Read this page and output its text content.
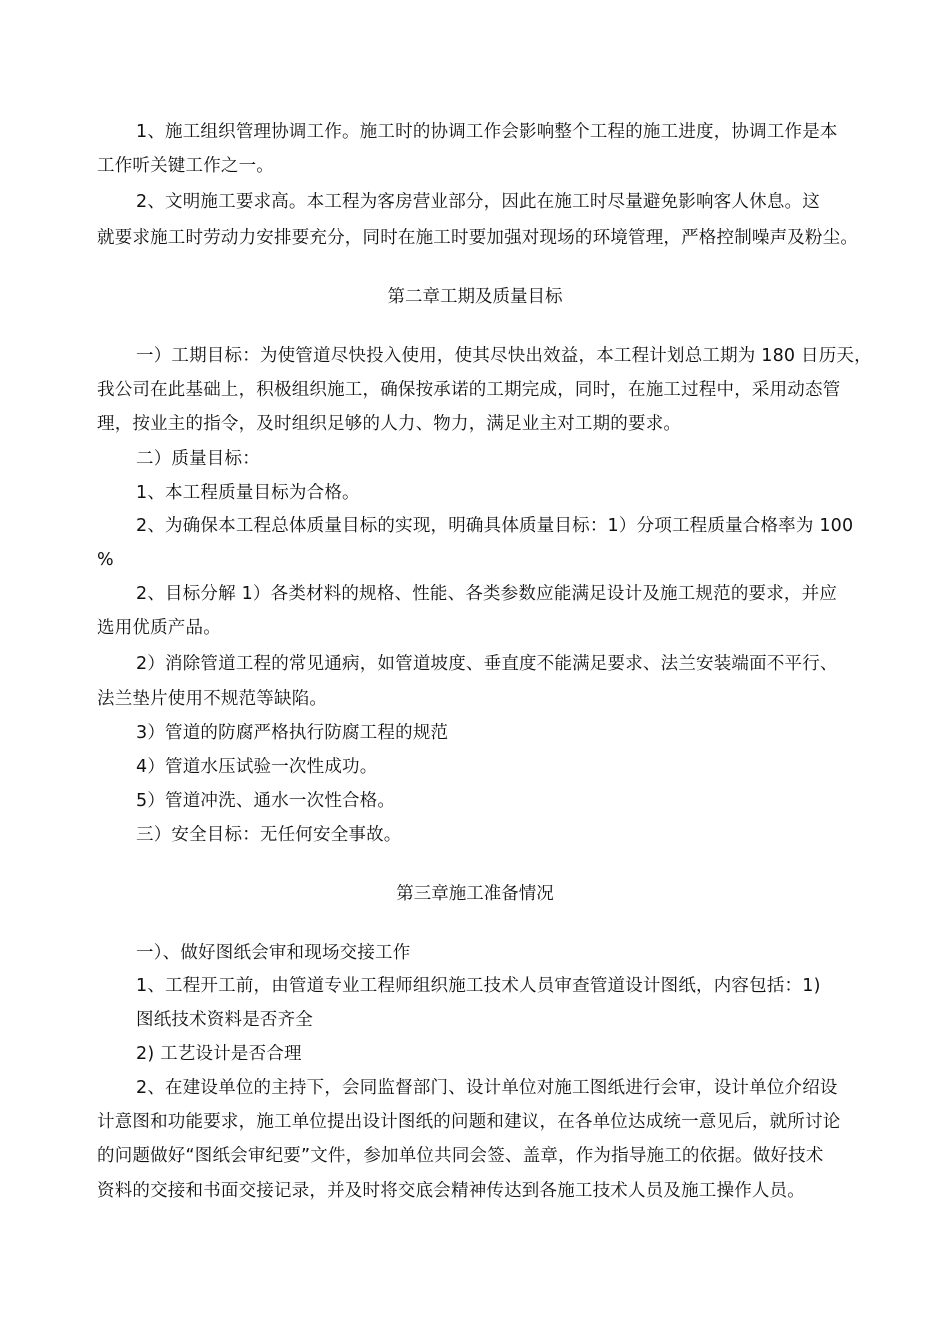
1、施工组织管理协调工作。施工时的协调工作会影响整个工程的施工进度，协调工作是本
工作听关键工作之一。
2、文明施工要求高。本工程为客房营业部分，因此在施工时尽量避免影响客人休息。这
就要求施工时劳动力安排要充分，同时在施工时要加强对现场的环境管理，严格控制噪声及粉尘。
第二章工期及质量目标
一）工期目标：为使管道尽快投入使用，使其尽快出效益，本工程计划总工期为 180 日历天，
我公司在此基础上，积极组织施工，确保按承诺的工期完成，同时，在施工过程中，采用动态管
理，按业主的指令，及时组织足够的人力、物力，满足业主对工期的要求。
二）质量目标：
1、本工程质量目标为合格。
2、为确保本工程总体质量目标的实现，明确具体质量目标：1）分项工程质量合格率为 100
%
2、目标分解 1）各类材料的规格、性能、各类参数应能满足设计及施工规范的要求，并应
选用优质产品。
2）消除管道工程的常见通病，如管道坡度、垂直度不能满足要求、法兰安装端面不平行、
法兰垫片使用不规范等缺陷。
3）管道的防腐严格执行防腐工程的规范
4）管道水压试验一次性成功。
5）管道冲洗、通水一次性合格。
三）安全目标：无任何安全事故。
第三章施工准备情况
一）、做好图纸会审和现场交接工作
1、工程开工前，由管道专业工程师组织施工技术人员审查管道设计图纸，内容包括：1)
图纸技术资料是否齐全
2) 工艺设计是否合理
2、在建设单位的主持下，会同监督部门、设计单位对施工图纸进行会审，设计单位介绍设
计意图和功能要求，施工单位提出设计图纸的问题和建议，在各单位达成统一意见后，就所讨论
的问题做好“图纸会审纪要”文件，参加单位共同会签、盖章，作为指导施工的依据。做好技术
资料的交接和书面交接记录，并及时将交底会精神传达到各施工技术人员及施工操作人员。
